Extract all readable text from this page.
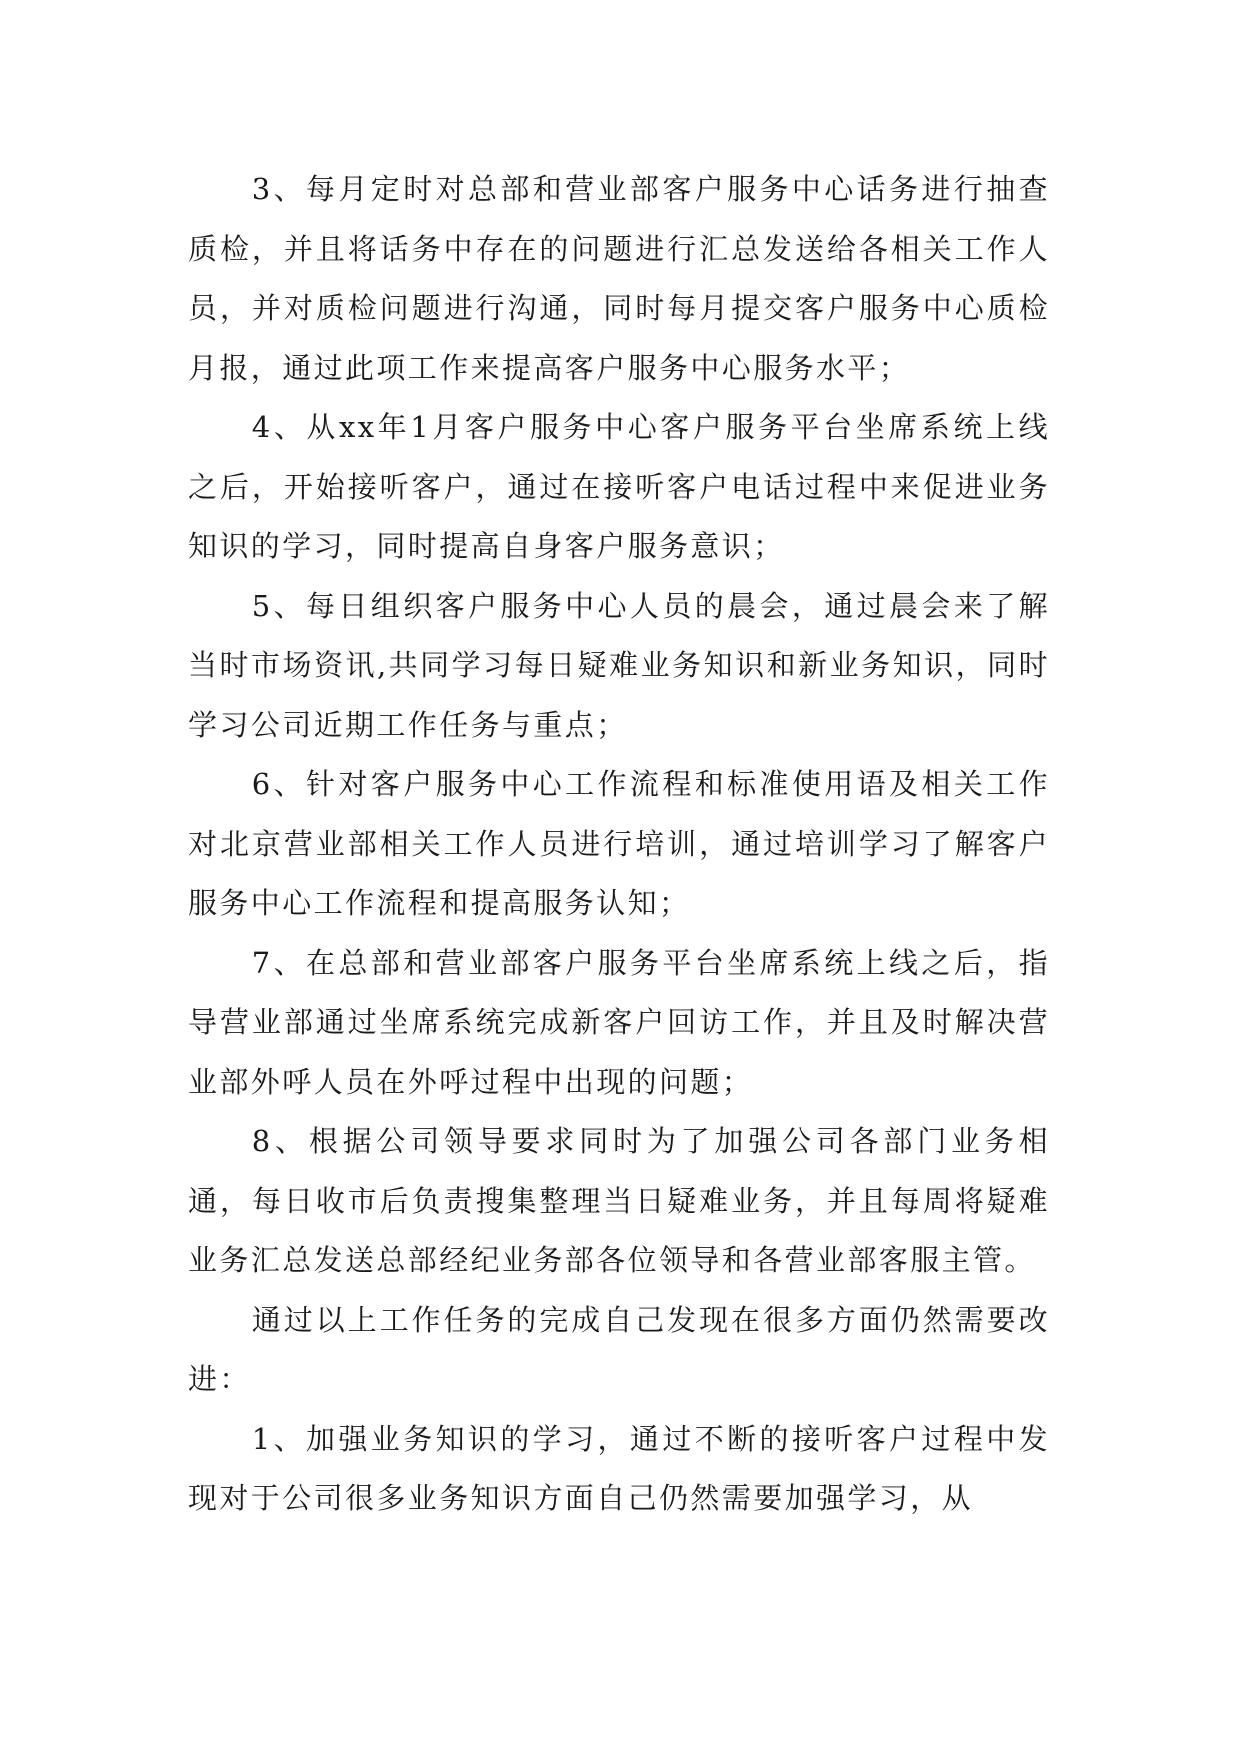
3、每月定时对总部和营业部客户服务中心话务进行抽查质检，并且将话务中存在的问题进行汇总发送给各相关工作人员，并对质检问题进行沟通，同时每月提交客户服务中心质检月报，通过此项工作来提高客户服务中心服务水平；

4、从xx年1月客户服务中心客户服务平台坐席系统上线之后，开始接听客户，通过在接听客户电话过程中来促进业务知识的学习，同时提高自身客户服务意识；

5、每日组织客户服务中心人员的晨会，通过晨会来了解当时市场资讯,共同学习每日疑难业务知识和新业务知识，同时学习公司近期工作任务与重点；

6、针对客户服务中心工作流程和标准使用语及相关工作对北京营业部相关工作人员进行培训，通过培训学习了解客户服务中心工作流程和提高服务认知；

7、在总部和营业部客户服务平台坐席系统上线之后，指导营业部通过坐席系统完成新客户回访工作，并且及时解决营业部外呼人员在外呼过程中出现的问题；

8、根据公司领导要求同时为了加强公司各部门业务相通，每日收市后负责搜集整理当日疑难业务，并且每周将疑难业务汇总发送总部经纪业务部各位领导和各营业部客服主管。

通过以上工作任务的完成自己发现在很多方面仍然需要改进：

1、加强业务知识的学习，通过不断的接听客户过程中发现对于公司很多业务知识方面自己仍然需要加强学习，从
